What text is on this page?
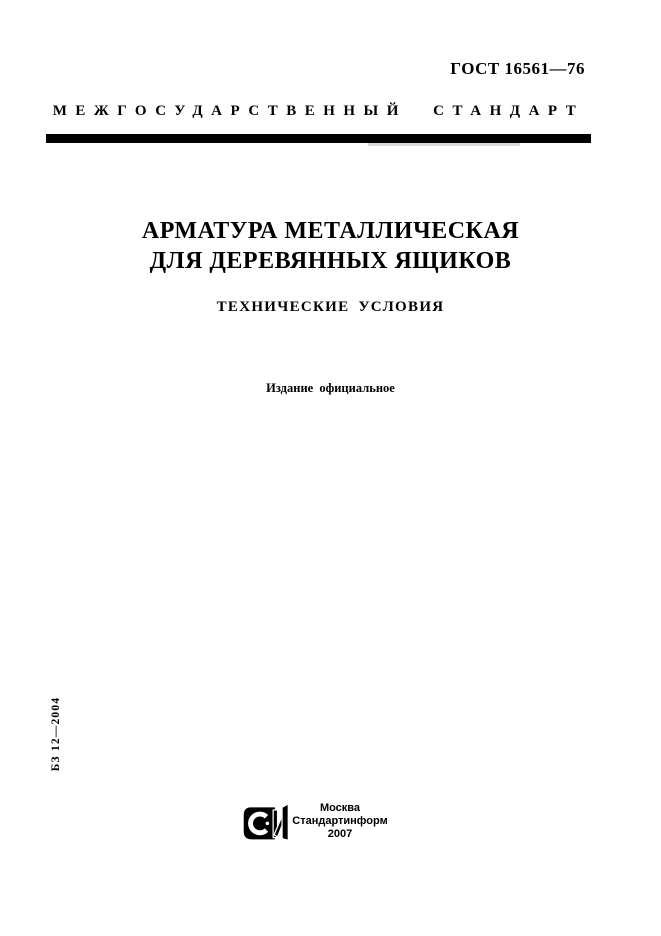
ГОСТ 16561—76
МЕЖГОСУДАРСТВЕННЫЙ СТАНДАРТ
АРМАТУРА МЕТАЛЛИЧЕСКАЯ
ДЛЯ ДЕРЕВЯННЫХ ЯЩИКОВ
ТЕХНИЧЕСКИЕ УСЛОВИЯ
Издание официальное
БЗ 12—2004
Москва
Стандартинформ
2007
